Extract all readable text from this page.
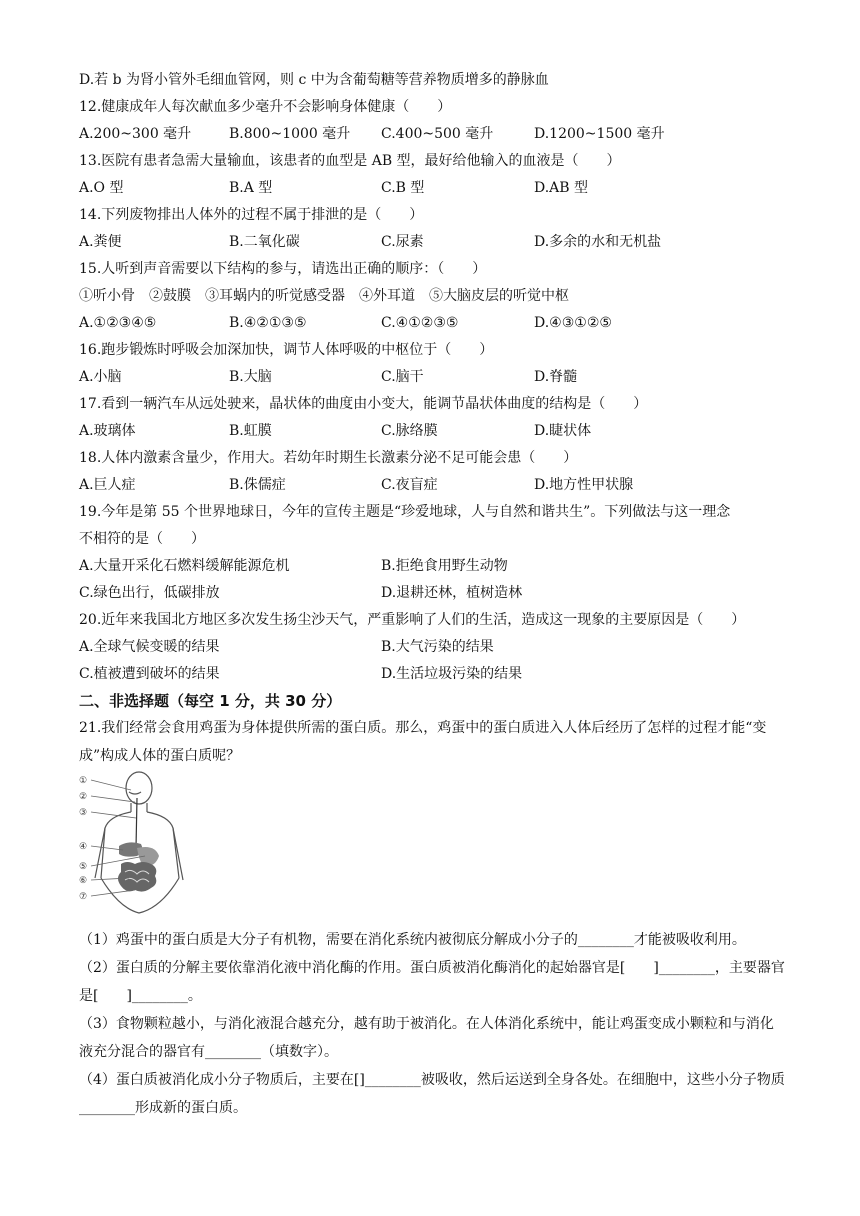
D.若 b 为肾小管外毛细血管网，则 c 中为含葡萄糖等营养物质增多的静脉血
12.健康成年人每次献血多少毫升不会影响身体健康（　　）
A.200~300 毫升	B.800~1000 毫升 C.400~500 毫升	D.1200~1500 毫升
13.医院有患者急需大量输血，该患者的血型是 AB 型，最好给他输入的血液是（　　）
A.O 型	B.A 型	C.B 型	D.AB 型
14.下列废物排出人体外的过程不属于排泄的是（　　）
A.粪便	B.二氧化碳	C.尿素	D.多余的水和无机盐
15.人听到声音需要以下结构的参与，请选出正确的顺序：（　　）
①听小骨　②鼓膜　③耳蜗内的听觉感受器　④外耳道　⑤大脑皮层的听觉中枢
A.①②③④⑤	B.④②①③⑤	C.④①②③⑤	D.④③①②⑤
16.跑步锻炼时呼吸会加深加快，调节人体呼吸的中枢位于（　　）
A.小脑	B.大脑	C.脑干	D.脊髓
17.看到一辆汽车从远处驶来，晶状体的曲度由小变大，能调节晶状体曲度的结构是（　　）
A.玻璃体	B.虹膜	C.脉络膜	D.睫状体
18.人体内激素含量少，作用大。若幼年时期生长激素分泌不足可能会患（　　）
A.巨人症	B.侏儒症	C.夜盲症	D.地方性甲状腺
19.今年是第 55 个世界地球日，今年的宣传主题是“珍爱地球，人与自然和谐共生”。下列做法与这一理念
不相符的是（　　）
A.大量开采化石燃料缓解能源危机	B.拒绝食用野生动物
C.绿色出行，低碳排放	D.退耕还林，植树造林
20.近年来我国北方地区多次发生扬尘沙天气，严重影响了人们的生活，造成这一现象的主要原因是（　　）
A.全球气候变暖的结果	B.大气污染的结果
C.植被遭到破坏的结果	D.生活垃圾污染的结果
二、非选择题（每空 1 分，共 30 分）
21.我们经常会食用鸡蛋为身体提供所需的蛋白质。那么，鸡蛋中的蛋白质进入人体后经历了怎样的过程才能“变成”构成人体的蛋白质呢？
①
②
③
④
⑤
⑥
⑦
（1）鸡蛋中的蛋白质是大分子有机物，需要在消化系统内被彻底分解成小分子的________才能被吸收利用。
（2）蛋白质的分解主要依靠消化液中消化酶的作用。蛋白质被消化酶消化的起始器官是[　　]________，主要器官是[　　]________。
（3）食物颗粒越小，与消化液混合越充分，越有助于被消化。在人体消化系统中，能让鸡蛋变成小颗粒和与消化液充分混合的器官有________（填数字）。
（4）蛋白质被消化成小分子物质后，主要在[]________被吸收，然后运送到全身各处。在细胞中，这些小分子物质________形成新的蛋白质。
